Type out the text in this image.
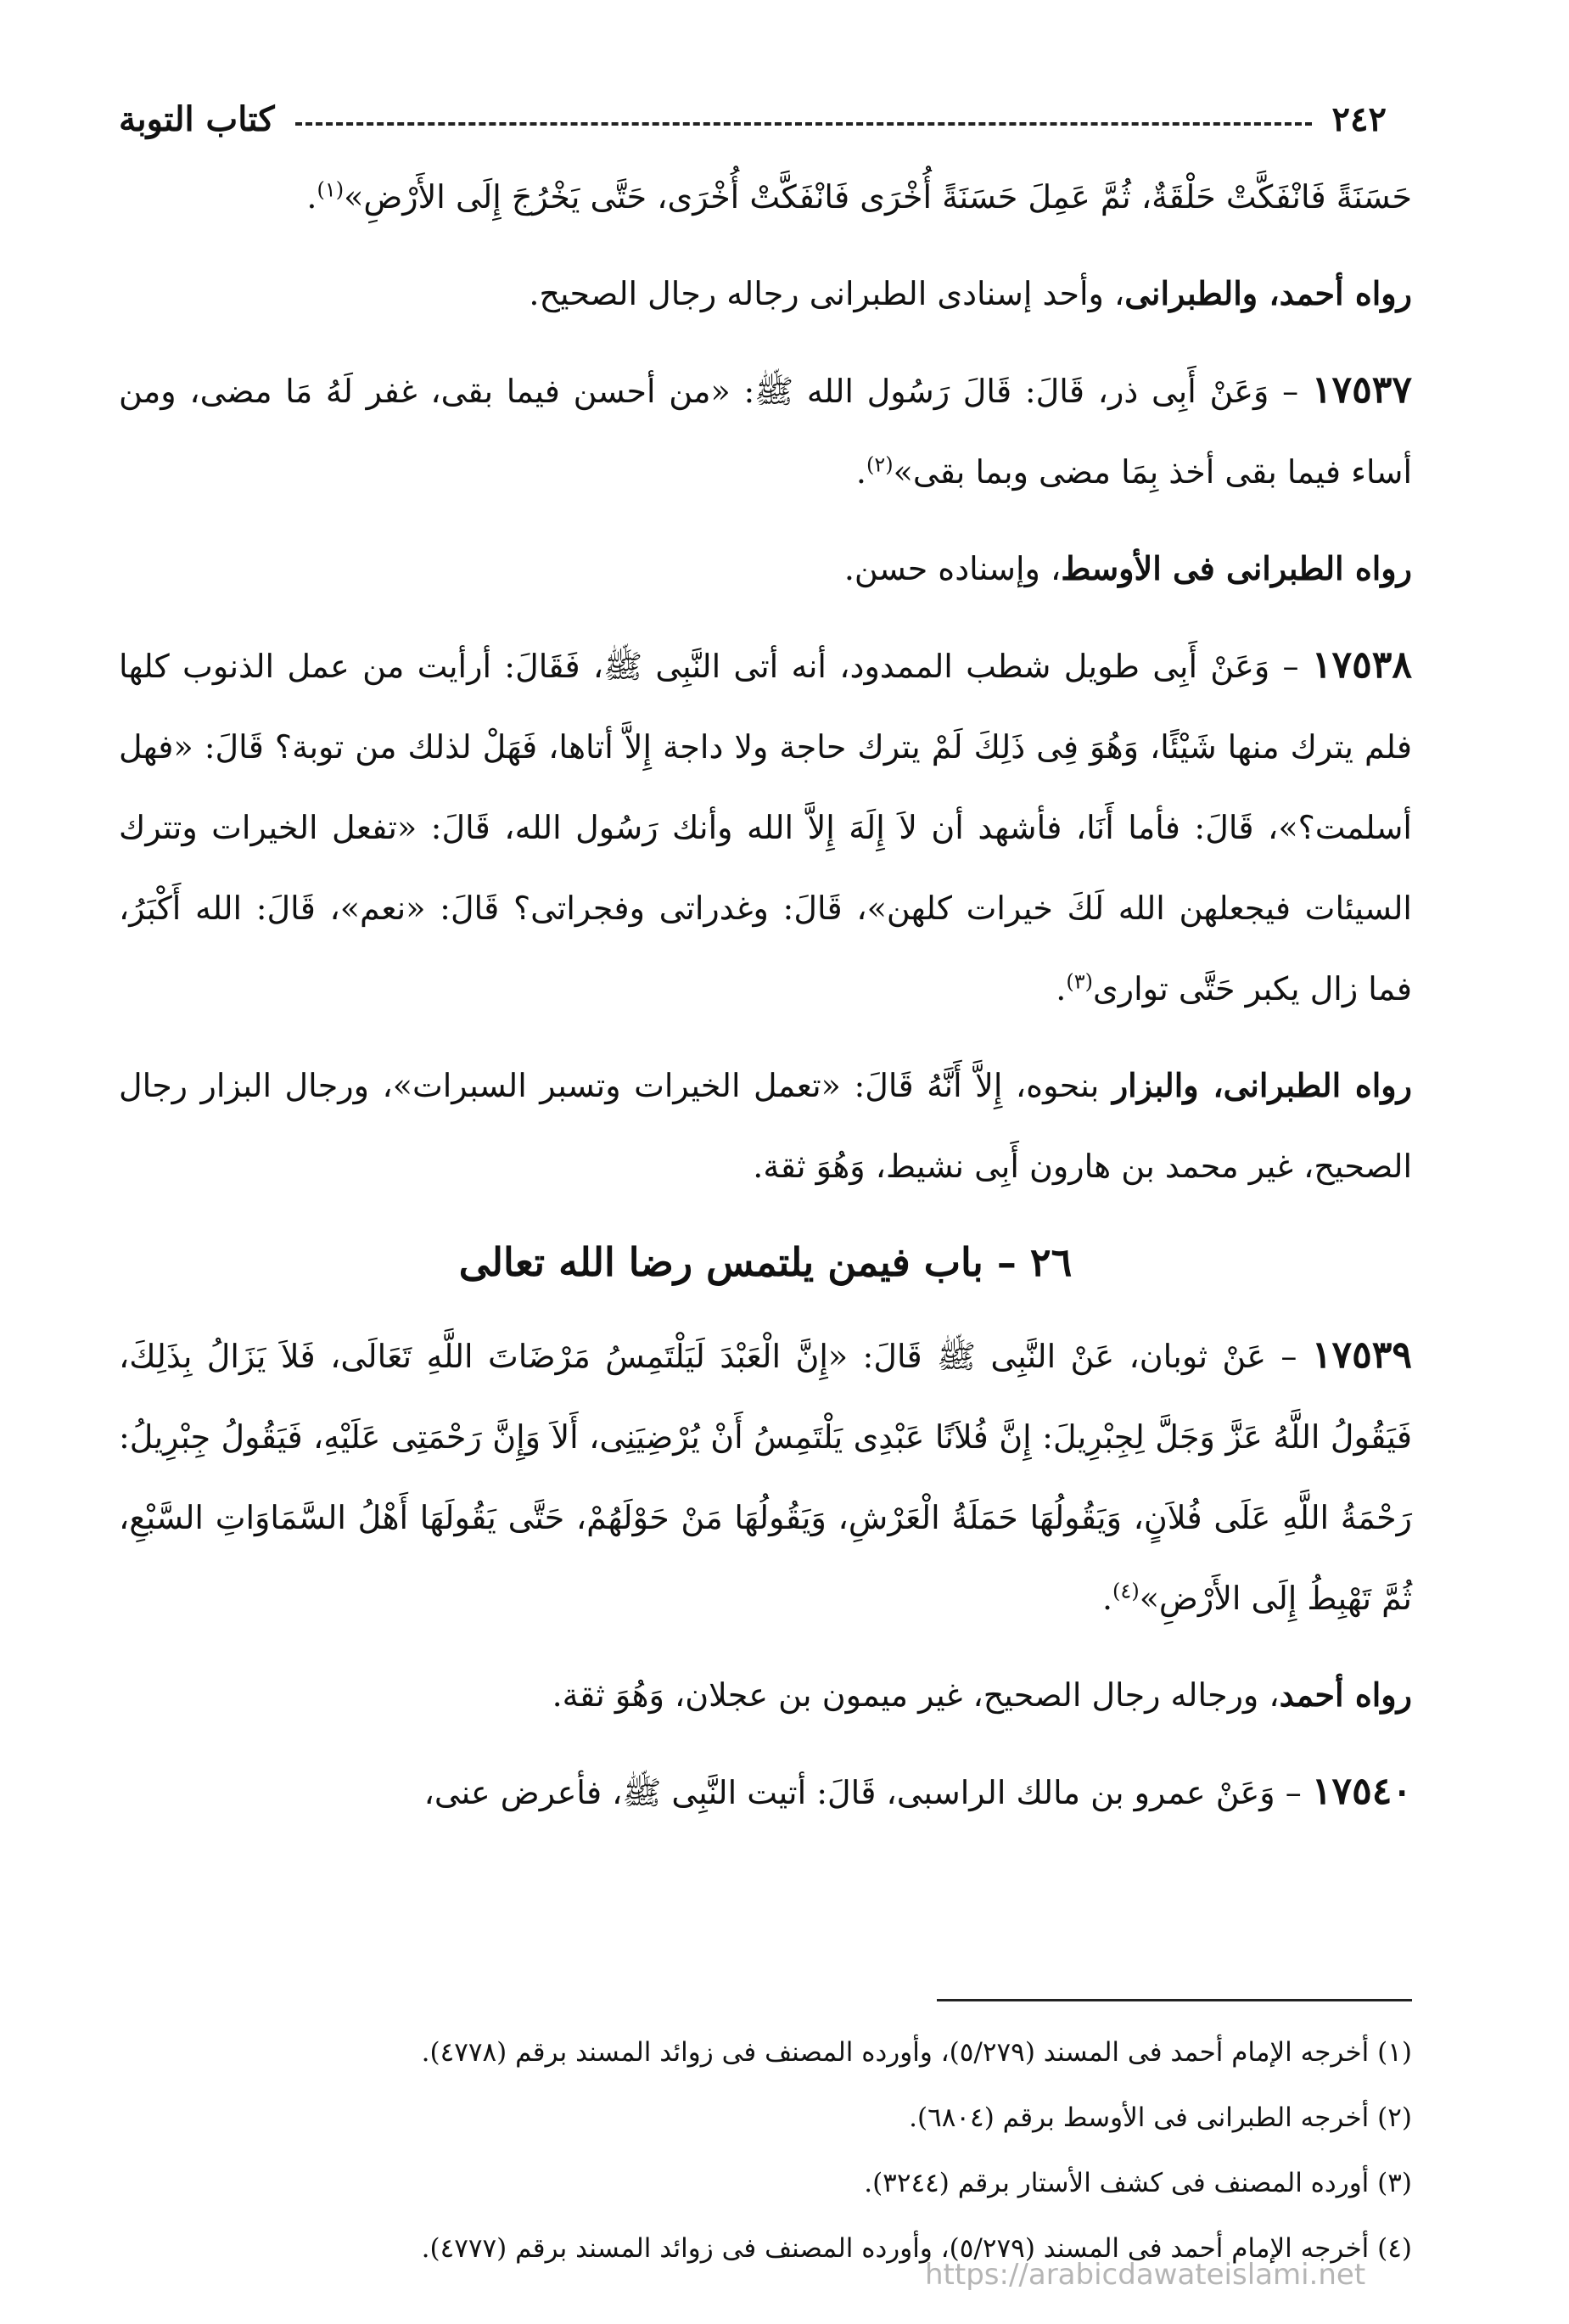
٢٤٢
كتاب التوبة

حَسَنَةً فَانْفَكَّتْ حَلْقَةٌ، ثُمَّ عَمِلَ حَسَنَةً أُخْرَى فَانْفَكَّتْ أُخْرَى، حَتَّى يَخْرُجَ إِلَى الأَرْضِ»$^{(١)}$.

رواه أحمد، والطبرانى، وأحد إسنادى الطبرانى رجاله رجال الصحيح.

١٧٥٣٧ – وَعَنْ أَبِى ذر، قَالَ: قَالَ رَسُول الله ﷺ: «من أحسن فيما بقى، غفر لَهُ مَا مضى، ومن أساء فيما بقى أخذ بِمَا مضى وبما بقى»$^{(٢)}$.

رواه الطبرانى فى الأوسط، وإسناده حسن.

١٧٥٣٨ – وَعَنْ أَبِى طويل شطب الممدود، أنه أتى النَّبِى ﷺ، فَقَالَ: أرأيت من عمل الذنوب كلها فلم يترك منها شَيْئًا، وَهُوَ فِى ذَلِكَ لَمْ يترك حاجة ولا داجة إِلاَّ أتاها، فَهَلْ لذلك من توبة؟ قَالَ: «فهل أسلمت؟»، قَالَ: فأما أَنَا، فأشهد أن لاَ إِلَهَ إِلاَّ الله وأنك رَسُول الله، قَالَ: «تفعل الخيرات وتترك السيئات فيجعلهن الله لَكَ خيرات كلهن»، قَالَ: وغدراتى وفجراتى؟ قَالَ: «نعم»، قَالَ: الله أَكْبَرُ، فما زال يكبر حَتَّى توارى$^{(٣)}$.

رواه الطبرانى، والبزار بنحوه، إِلاَّ أَنَّهُ قَالَ: «تعمل الخيرات وتسبر السبرات»، ورجال البزار رجال الصحيح، غير محمد بن هارون أَبِى نشيط، وَهُوَ ثقة.

٢٦ – باب فيمن يلتمس رضا الله تعالى

١٧٥٣٩ – عَنْ ثوبان، عَنْ النَّبِى ﷺ قَالَ: «إِنَّ الْعَبْدَ لَيَلْتَمِسُ مَرْضَاتَ اللَّهِ تَعَالَى، فَلاَ يَزَالُ بِذَلِكَ، فَيَقُولُ اللَّهُ عَزَّ وَجَلَّ لِجِبْرِيلَ: إِنَّ فُلاَنًا عَبْدِى يَلْتَمِسُ أَنْ يُرْضِيَنِى، أَلاَ وَإِنَّ رَحْمَتِى عَلَيْهِ، فَيَقُولُ جِبْرِيلُ: رَحْمَةُ اللَّهِ عَلَى فُلاَنٍ، وَيَقُولُهَا حَمَلَةُ الْعَرْشِ، وَيَقُولُهَا مَنْ حَوْلَهُمْ، حَتَّى يَقُولَهَا أَهْلُ السَّمَاوَاتِ السَّبْعِ، ثُمَّ تَهْبِطُ إِلَى الأَرْضِ»$^{(٤)}$.

رواه أحمد، ورجاله رجال الصحيح، غير ميمون بن عجلان، وَهُوَ ثقة.

١٧٥٤٠ – وَعَنْ عمرو بن مالك الراسبى، قَالَ: أتيت النَّبِى ﷺ، فأعرض عنى،

(١) أخرجه الإمام أحمد فى المسند (٥/٢٧٩)، وأورده المصنف فى زوائد المسند برقم (٤٧٧٨).

(٢) أخرجه الطبرانى فى الأوسط برقم (٦٨٠٤).

(٣) أورده المصنف فى كشف الأستار برقم (٣٢٤٤).

(٤) أخرجه الإمام أحمد فى المسند (٥/٢٧٩)، وأورده المصنف فى زوائد المسند برقم (٤٧٧٧).

https://arabicdawateislami.net
